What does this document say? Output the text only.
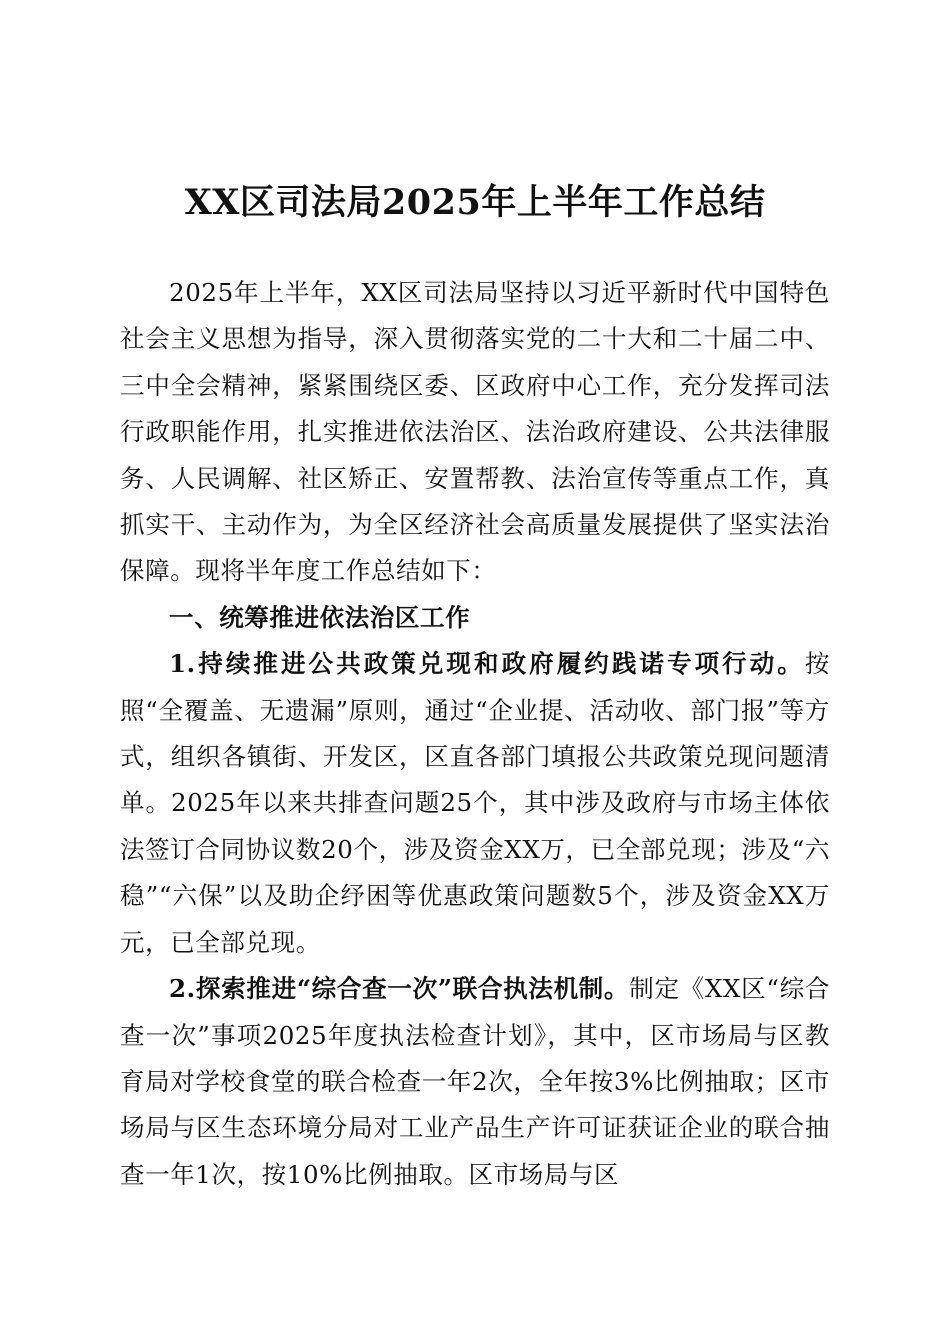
XX区司法局2025年上半年工作总结

2025年上半年，XX区司法局坚持以习近平新时代中国特色社会主义思想为指导，深入贯彻落实党的二十大和二十届二中、三中全会精神，紧紧围绕区委、区政府中心工作，充分发挥司法行政职能作用，扎实推进依法治区、法治政府建设、公共法律服务、人民调解、社区矫正、安置帮教、法治宣传等重点工作，真抓实干、主动作为，为全区经济社会高质量发展提供了坚实法治保障。现将半年度工作总结如下：

一、统筹推进依法治区工作

1.持续推进公共政策兑现和政府履约践诺专项行动。按照“全覆盖、无遗漏”原则，通过“企业提、活动收、部门报”等方式，组织各镇街、开发区，区直各部门填报公共政策兑现问题清单。2025年以来共排查问题25个，其中涉及政府与市场主体依法签订合同协议数20个，涉及资金XX万，已全部兑现；涉及“六稳”“六保”以及助企纾困等优惠政策问题数5个，涉及资金XX万元，已全部兑现。

2.探索推进“综合查一次”联合执法机制。制定《XX区“综合查一次”事项2025年度执法检查计划》，其中，区市场局与区教育局对学校食堂的联合检查一年2次，全年按3%比例抽取；区市场局与区生态环境分局对工业产品生产许可证获证企业的联合抽查一年1次，按10%比例抽取。区市场局与区
